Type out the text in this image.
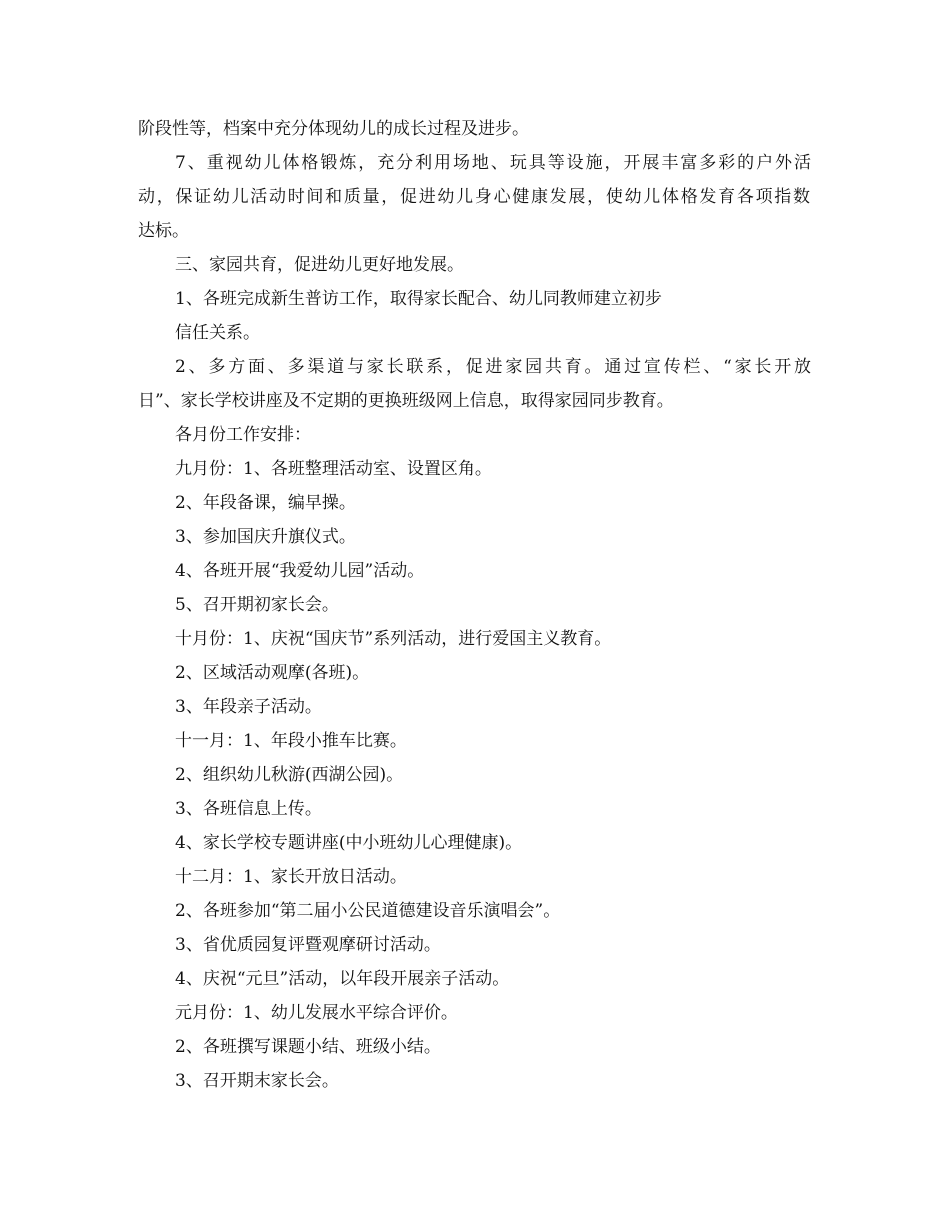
阶段性等，档案中充分体现幼儿的成长过程及进步。
7、重视幼儿体格锻炼，充分利用场地、玩具等设施，开展丰富多彩的户外活
动，保证幼儿活动时间和质量，促进幼儿身心健康发展，使幼儿体格发育各项指数
达标。
三、家园共育，促进幼儿更好地发展。
1、各班完成新生普访工作，取得家长配合、幼儿同教师建立初步
信任关系。
2、多方面、多渠道与家长联系，促进家园共育。通过宣传栏、“家长开放
日”、家长学校讲座及不定期的更换班级网上信息，取得家园同步教育。
各月份工作安排：
九月份：1、各班整理活动室、设置区角。
2、年段备课，编早操。
3、参加国庆升旗仪式。
4、各班开展“我爱幼儿园”活动。
5、召开期初家长会。
十月份：1、庆祝“国庆节”系列活动，进行爱国主义教育。
2、区域活动观摩(各班)。
3、年段亲子活动。
十一月：1、年段小推车比赛。
2、组织幼儿秋游(西湖公园)。
3、各班信息上传。
4、家长学校专题讲座(中小班幼儿心理健康)。
十二月：1、家长开放日活动。
2、各班参加“第二届小公民道德建设音乐演唱会”。
3、省优质园复评暨观摩研讨活动。
4、庆祝“元旦”活动，以年段开展亲子活动。
元月份：1、幼儿发展水平综合评价。
2、各班撰写课题小结、班级小结。
3、召开期末家长会。
